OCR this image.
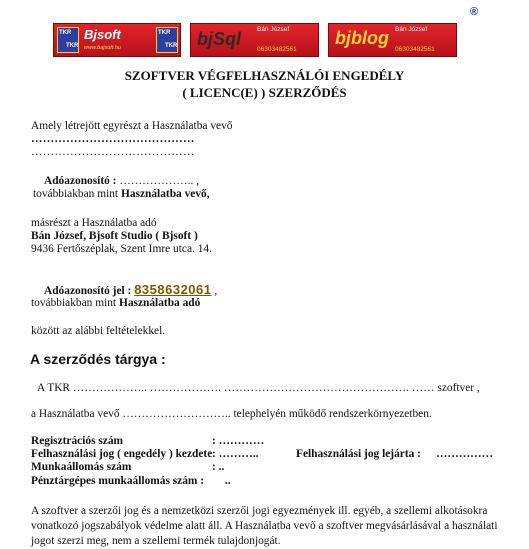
®
TKR
TKR
Bjsoft
www.bajsoft.hu
TKR
TKR bjSql Bán József
06303482561
bjblog Bán József
06303482561
SZOFTVER VÉGFELHASZNÁLÓI ENGEDÉLY
( LICENC(E) ) SZERZŐDÉS
Amely létrejött egyrészt a Használatba vevő
……………………………………
……………………………………
Adóazonosító : ……………….. ,
továbbiakban mint Használatba vevő,
másrészt a Használatba adó
Bán József, Bjsoft Studio ( Bjsoft )
9436 Fertőszéplak, Szent Imre utca. 14.
Adóazonosító jel : 8358632061 ,
továbbiakban mint Használatba adó
között az alábbi feltételekkel.
A szerződés tárgya :
A TKR ……………….. ………………. …………………………………………. …… szoftver ,
a Használatba vevő ……………………….. telephelyén működő rendszerkörnyezetben.
Regisztrációs szám	: …………
Felhasználási jog ( engedély ) kezdete : ………..	Felhasználási jog lejárta : ……………
Munkaállomás szám	: ..
Pénztárgépes munkaállomás szám : ..
A szoftver a szerzői jog és a nemzetközi szerzői jogi egyezmények ill. egyéb, a szellemi alkotásokra vonatkozó jogszabályok védelme alatt áll. A Használatba vevő a szoftver megvásárlásával a használati jogot szerzi meg, nem a szellemi termék tulajdonjogát.
